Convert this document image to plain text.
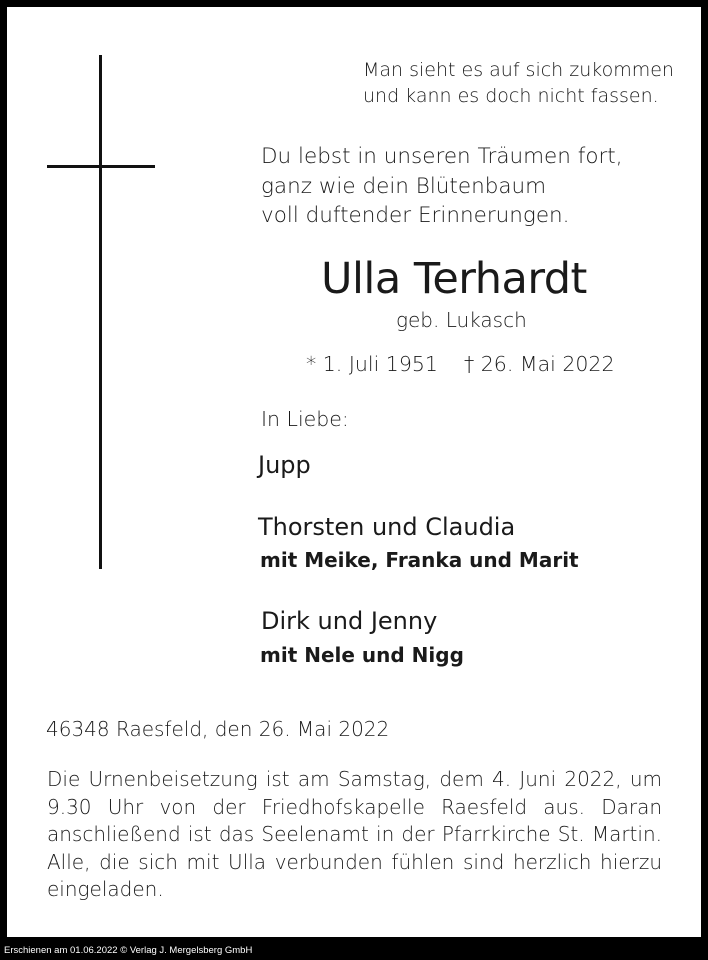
Man sieht es auf sich zukommen
und kann es doch nicht fassen.
Du lebst in unseren Träumen fort,
ganz wie dein Blütenbaum
voll duftender Erinnerungen.
Ulla Terhardt
geb. Lukasch
* 1. Juli 1951 † 26. Mai 2022
In Liebe:
Jupp
Thorsten und Claudia
mit Meike, Franka und Marit
Dirk und Jenny
mit Nele und Nigg
46348 Raesfeld, den 26. Mai 2022
Die Urnenbeisetzung ist am Samstag, dem 4. Juni 2022, um 9.30 Uhr von der Friedhofskapelle Raesfeld aus. Daran anschließend ist das Seelenamt in der Pfarrkirche St. Martin. Alle, die sich mit Ulla verbunden fühlen sind herzlich hierzu eingeladen.
Erschienen am 01.06.2022 © Verlag J. Mergelsberg GmbH
